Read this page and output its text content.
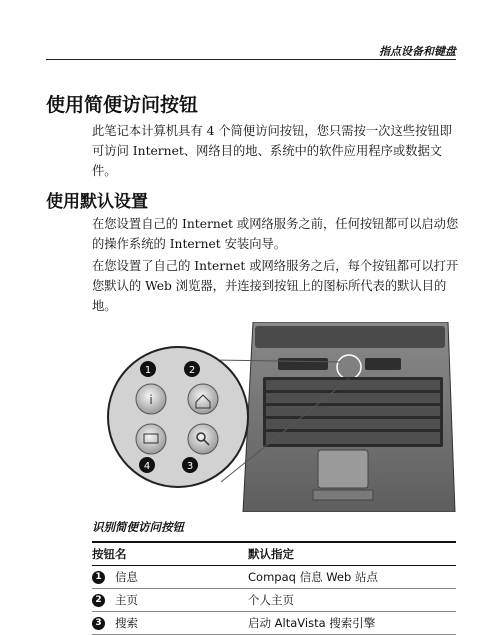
指点设备和键盘
使用简便访问按钮

此笔记本计算机具有 4 个简便访问按钮，您只需按一次这些按钮即可访问 Internet、网络目的地、系统中的软件应用程序或数据文件。

使用默认设置

在您设置自己的 Internet 或网络服务之前，任何按钮都可以启动您的操作系统的 Internet 安装向导。

在您设置了自己的 Internet 或网络服务之后，每个按钮都可以打开您默认的 Web 浏览器，并连接到按钮上的图标所代表的默认目的地。

i
1	2
3
4
识别简便访问按钮
按钮名	默认指定
1 信息	Compaq 信息 Web 站点
2 主页	个人主页
3 搜索	启动 AltaVista 搜索引擎
